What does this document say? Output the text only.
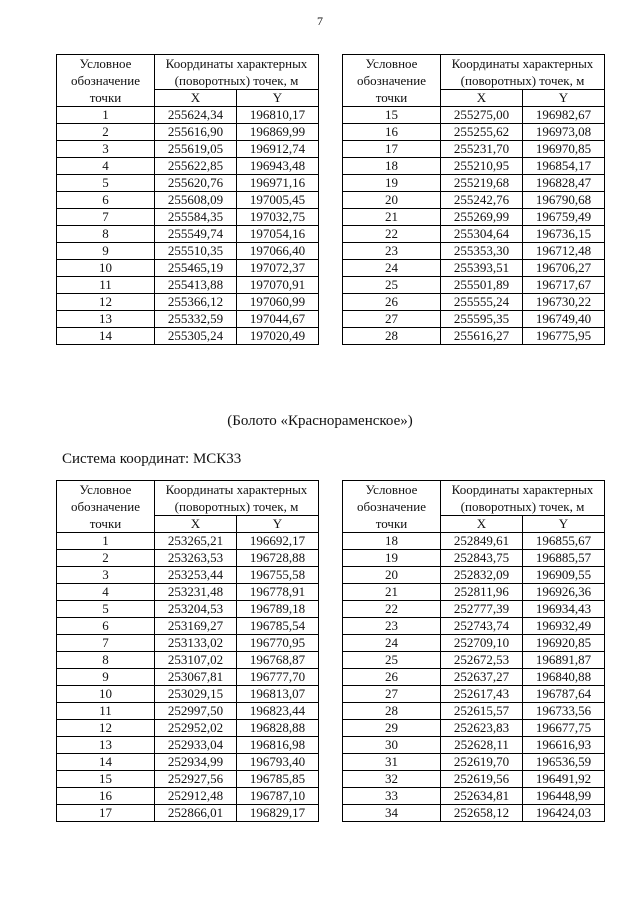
7
Условное обозначение точки	Координаты характерных (поворотных) точек, м	
	X	Y
1	255624,34	196810,17
2	255616,90	196869,99
3	255619,05	196912,74
4	255622,85	196943,48
5	255620,76	196971,16
6	255608,09	197005,45
7	255584,35	197032,75
8	255549,74	197054,16
9	255510,35	197066,40
10	255465,19	197072,37
11	255413,88	197070,91
12	255366,12	197060,99
13	255332,59	197044,67
14	255305,24	197020,49
Условное обозначение точки	Координаты характерных (поворотных) точек, м	
	X	Y
15	255275,00	196982,67
16	255255,62	196973,08
17	255231,70	196970,85
18	255210,95	196854,17
19	255219,68	196828,47
20	255242,76	196790,68
21	255269,99	196759,49
22	255304,64	196736,15
23	255353,30	196712,48
24	255393,51	196706,27
25	255501,89	196717,67
26	255555,24	196730,22
27	255595,35	196749,40
28	255616,27	196775,95
(Болото «Краснораменское»)
Система координат: МСК33
Условное обозначение точки	Координаты характерных (поворотных) точек, м	
	X	Y
1	253265,21	196692,17
2	253263,53	196728,88
3	253253,44	196755,58
4	253231,48	196778,91
5	253204,53	196789,18
6	253169,27	196785,54
7	253133,02	196770,95
8	253107,02	196768,87
9	253067,81	196777,70
10	253029,15	196813,07
11	252997,50	196823,44
12	252952,02	196828,88
13	252933,04	196816,98
14	252934,99	196793,40
15	252927,56	196785,85
16	252912,48	196787,10
17	252866,01	196829,17
Условное обозначение точки	Координаты характерных (поворотных) точек, м	
	X	Y
18	252849,61	196855,67
19	252843,75	196885,57
20	252832,09	196909,55
21	252811,96	196926,36
22	252777,39	196934,43
23	252743,74	196932,49
24	252709,10	196920,85
25	252672,53	196891,87
26	252637,27	196840,88
27	252617,43	196787,64
28	252615,57	196733,56
29	252623,83	196677,75
30	252628,11	196616,93
31	252619,70	196536,59
32	252619,56	196491,92
33	252634,81	196448,99
34	252658,12	196424,03
